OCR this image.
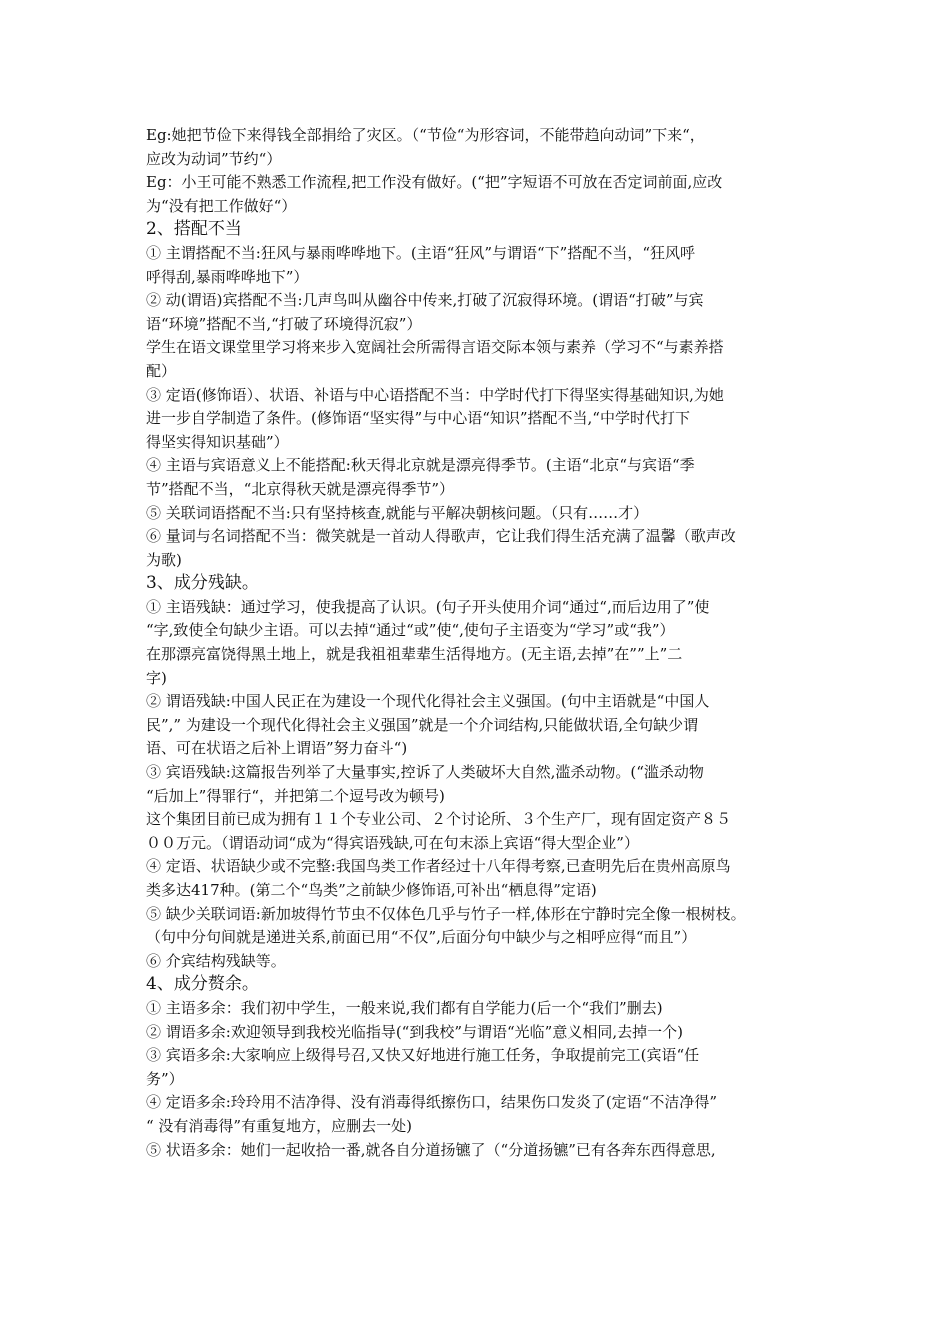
Eg:她把节俭下来得钱全部捐给了灾区。（“节俭“为形容词，不能带趋向动词”下来“，

应改为动词”节约“）

Eg：小王可能不熟悉工作流程,把工作没有做好。(“把”字短语不可放在否定词前面,应改

为“没有把工作做好“）

2、搭配不当

① 主谓搭配不当:狂风与暴雨哗哗地下。(主语“狂风”与谓语“下”搭配不当，“狂风呼

呼得刮,暴雨哗哗地下”）

② 动(谓语)宾搭配不当:几声鸟叫从幽谷中传来,打破了沉寂得环境。(谓语“打破”与宾

语“环境”搭配不当,“打破了环境得沉寂”）

学生在语文课堂里学习将来步入宽阔社会所需得言语交际本领与素养（学习不“与素养搭

配）

③ 定语(修饰语）、状语、补语与中心语搭配不当：中学时代打下得坚实得基础知识,为她

进一步自学制造了条件。(修饰语“坚实得”与中心语“知识”搭配不当,“中学时代打下

得坚实得知识基础”）

④ 主语与宾语意义上不能搭配:秋天得北京就是漂亮得季节。(主语“北京“与宾语“季

节”搭配不当，“北京得秋天就是漂亮得季节”）

⑤ 关联词语搭配不当:只有坚持核查,就能与平解决朝核问题。（只有……才）

⑥ 量词与名词搭配不当：微笑就是一首动人得歌声，它让我们得生活充满了温馨（歌声改

为歌)

3、成分残缺。

① 主语残缺：通过学习，使我提高了认识。(句子开头使用介词“通过“,而后边用了”使

“字,致使全句缺少主语。可以去掉“通过“或”使“,使句子主语变为“学习”或“我”）

在那漂亮富饶得黑土地上，就是我祖祖辈辈生活得地方。(无主语,去掉”在””上”二

字)

② 谓语残缺:中国人民正在为建设一个现代化得社会主义强国。(句中主语就是“中国人

民”,” 为建设一个现代化得社会主义强国”就是一个介词结构,只能做状语,全句缺少谓

语、可在状语之后补上谓语”努力奋斗“)

③ 宾语残缺:这篇报告列举了大量事实,控诉了人类破坏大自然,滥杀动物。(“滥杀动物

“后加上”得罪行“，并把第二个逗号改为顿号)

这个集团目前已成为拥有１１个专业公司、２个讨论所、３个生产厂，现有固定资产８５

００万元。（谓语动词“成为“得宾语残缺,可在句末添上宾语“得大型企业”）

④ 定语、状语缺少或不完整:我国鸟类工作者经过十八年得考察,已查明先后在贵州高原鸟

类多达417种。(第二个“鸟类”之前缺少修饰语,可补出“栖息得”定语)

⑤ 缺少关联词语:新加坡得竹节虫不仅体色几乎与竹子一样,体形在宁静时完全像一根树枝。

（句中分句间就是递进关系,前面已用“不仅”,后面分句中缺少与之相呼应得“而且”）

⑥ 介宾结构残缺等。

4、成分赘余。

① 主语多余：我们初中学生，一般来说,我们都有自学能力(后一个“我们”删去)

② 谓语多余:欢迎领导到我校光临指导(“到我校”与谓语“光临”意义相同,去掉一个)

③ 宾语多余:大家响应上级得号召,又快又好地进行施工任务，争取提前完工(宾语“任

务”）

④ 定语多余:玲玲用不洁净得、没有消毒得纸擦伤口，结果伤口发炎了(定语“不洁净得”

“ 没有消毒得”有重复地方，应删去一处)

⑤ 状语多余：她们一起收拾一番,就各自分道扬镳了（“分道扬镳”已有各奔东西得意思,
